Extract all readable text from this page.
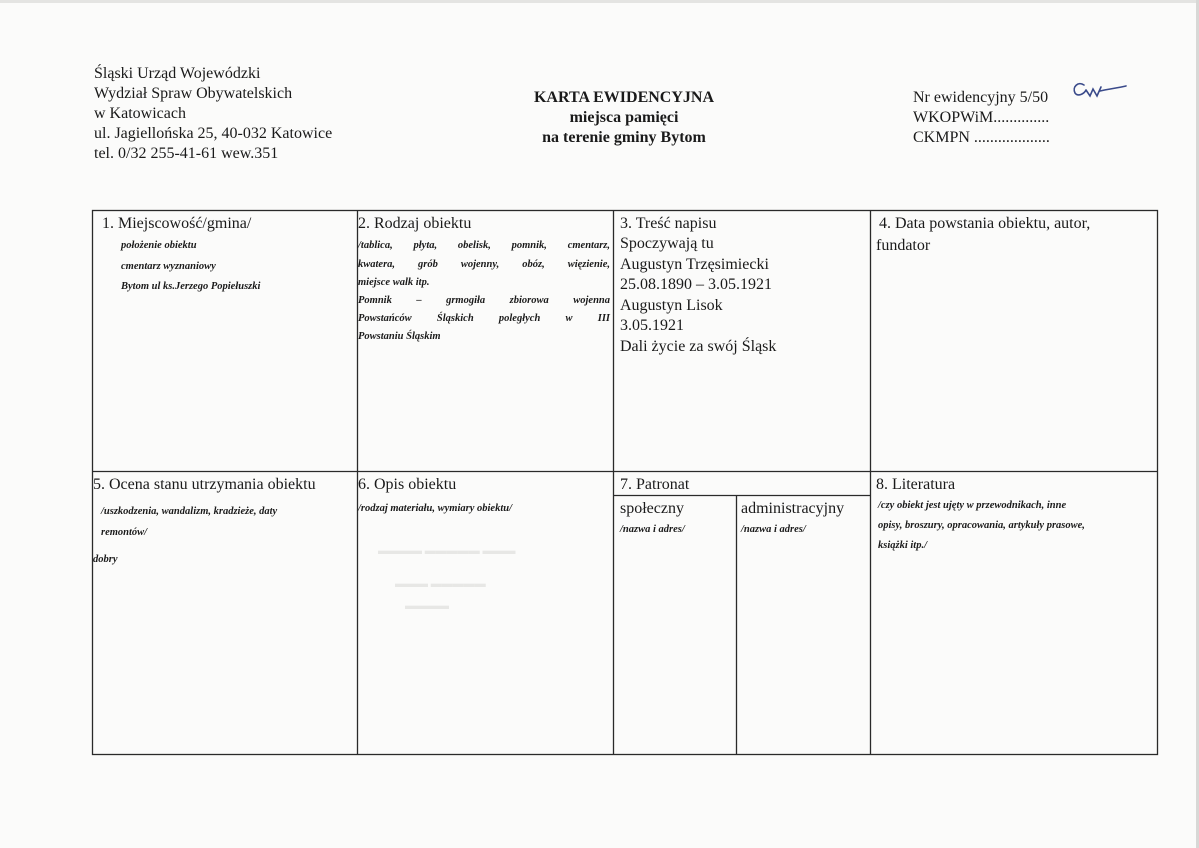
Śląski Urząd Wojewódzki
Wydział Spraw Obywatelskich
w Katowicach
ul. Jagiellońska 25, 40-032 Katowice
tel. 0/32 255-41-61 wew.351
KARTA EWIDENCYJNA
miejsca pamięci
na terenie gminy Bytom
Nr ewidencyjny 5/50
WKOPWiM..............
CKMPN ...................
▬▬▬▬ ▬▬▬▬▬ ▬▬▬
▬▬▬ ▬▬▬▬▬
▬▬▬▬
1. Miejscowość/gmina/
położenie obiektu
cmentarz wyznaniowy
Bytom ul ks.Jerzego Popiełuszki
2. Rodzaj obiektu
/tablica, płyta, obelisk, pomnik, cmentarz,
kwatera, grób wojenny, obóz, więzienie,
miejsce walk itp.
Pomnik – grmogiła zbiorowa wojenna
Powstańców Śląskich poległych w III
Powstaniu Śląskim
3. Treść napisu
Spoczywają tu
Augustyn Trzęsimiecki
25.08.1890 – 3.05.1921
Augustyn Lisok
3.05.1921
Dali życie za swój Śląsk
4. Data powstania obiektu, autor,
fundator
5. Ocena stanu utrzymania obiektu
/uszkodzenia, wandalizm, kradzieże, daty
remontów/
dobry
6. Opis obiektu
/rodzaj materiału, wymiary obiektu/
7. Patronat
społeczny
/nazwa i adres/
administracyjny
/nazwa i adres/
8. Literatura
/czy obiekt jest ujęty w przewodnikach, inne
opisy, broszury, opracowania, artykuły prasowe,
książki itp./
